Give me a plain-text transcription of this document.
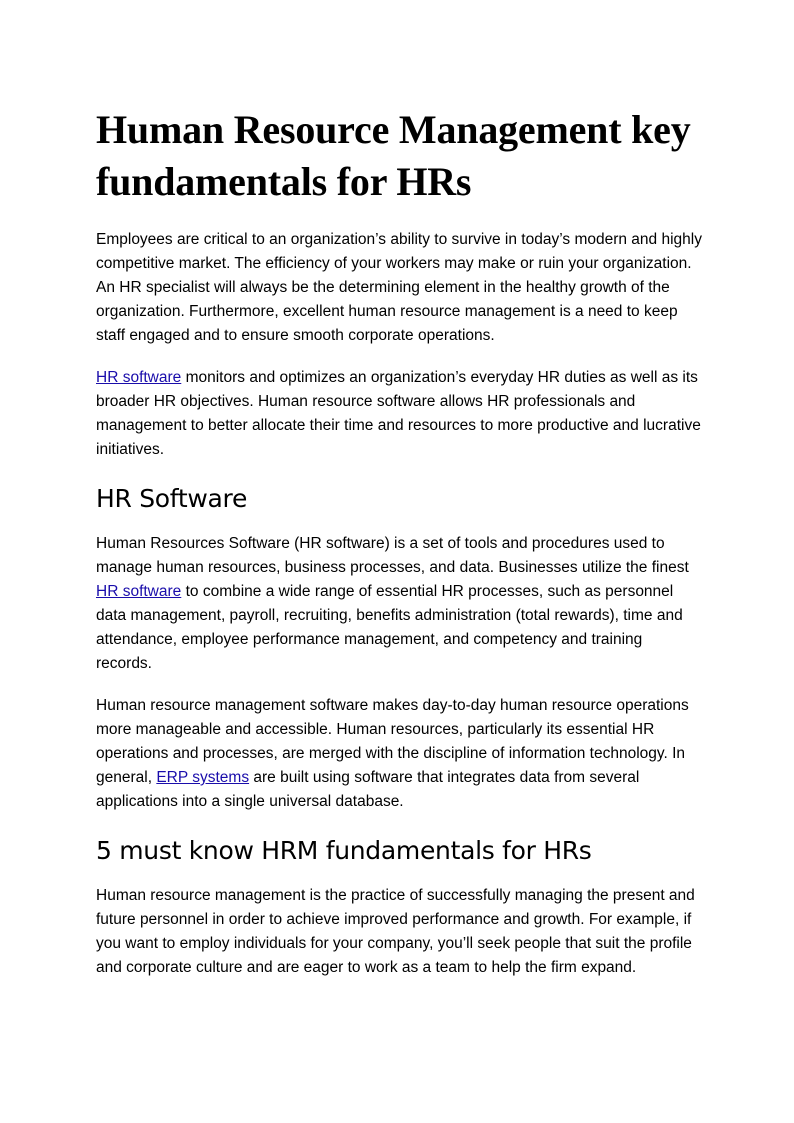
Human Resource Management key fundamentals for HRs

Employees are critical to an organization’s ability to survive in today’s modern and highly competitive market. The efficiency of your workers may make or ruin your organization. An HR specialist will always be the determining element in the healthy growth of the organization. Furthermore, excellent human resource management is a need to keep staff engaged and to ensure smooth corporate operations.

HR software monitors and optimizes an organization’s everyday HR duties as well as its broader HR objectives. Human resource software allows HR professionals and management to better allocate their time and resources to more productive and lucrative initiatives.

HR Software

Human Resources Software (HR software) is a set of tools and procedures used to manage human resources, business processes, and data. Businesses utilize the finest HR software to combine a wide range of essential HR processes, such as personnel data management, payroll, recruiting, benefits administration (total rewards), time and attendance, employee performance management, and competency and training records.

Human resource management software makes day-to-day human resource operations more manageable and accessible. Human resources, particularly its essential HR operations and processes, are merged with the discipline of information technology. In general, ERP systems are built using software that integrates data from several applications into a single universal database.

5 must know HRM fundamentals for HRs

Human resource management is the practice of successfully managing the present and future personnel in order to achieve improved performance and growth. For example, if you want to employ individuals for your company, you’ll seek people that suit the profile and corporate culture and are eager to work as a team to help the firm expand.
